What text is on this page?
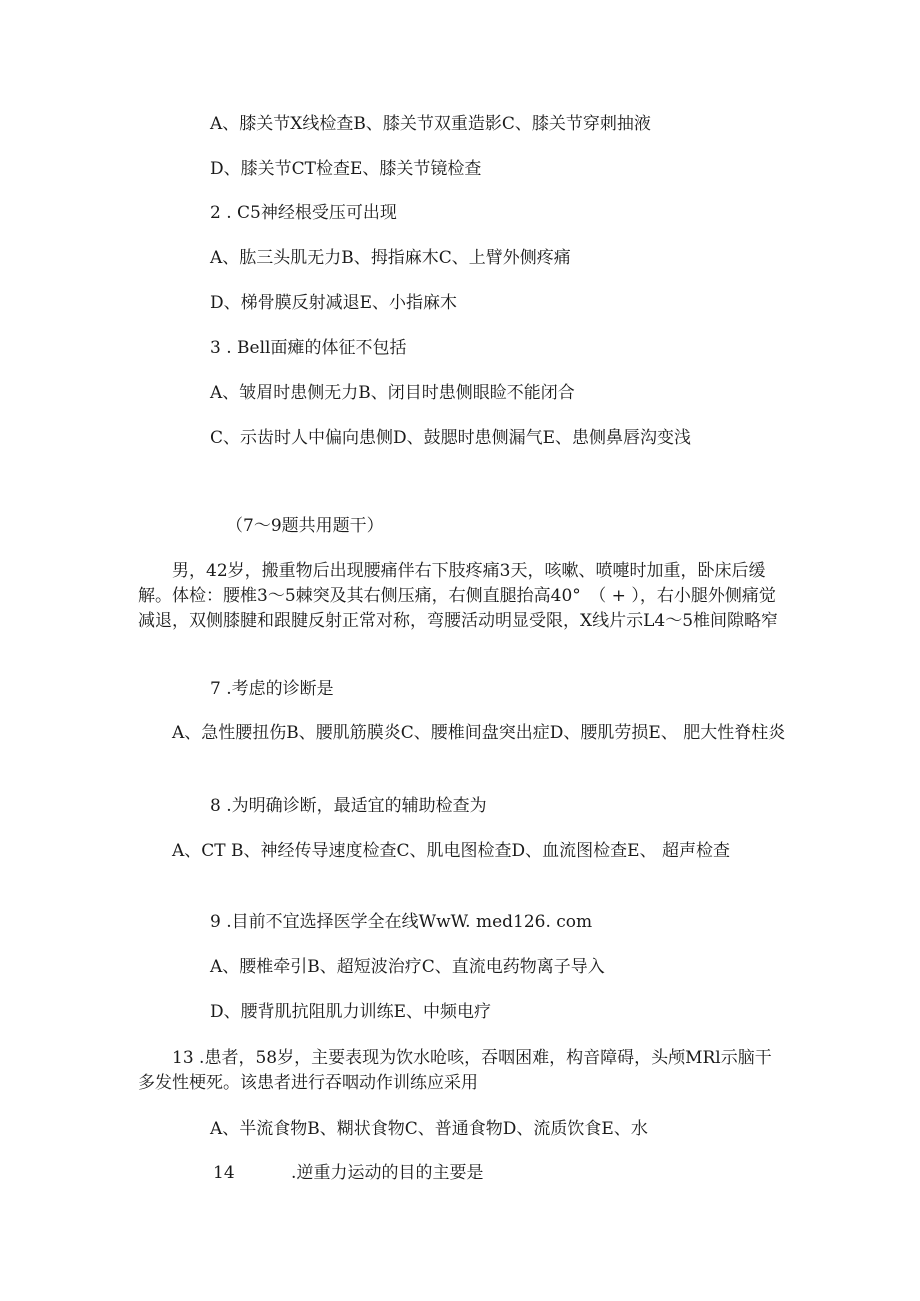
A、膝关节X线检查B、膝关节双重造影C、膝关节穿刺抽液
D、膝关节CT检查E、膝关节镜检查
2 . C5神经根受压可出现
A、肱三头肌无力B、拇指麻木C、上臂外侧疼痛
D、梯骨膜反射减退E、小指麻木
3 . Bell面瘫的体征不包括
A、皱眉时患侧无力B、闭目时患侧眼睑不能闭合
C、示齿时人中偏向患侧D、鼓腮时患侧漏气E、患侧鼻唇沟变浅
（7～9题共用题干）
男，42岁，搬重物后出现腰痛伴右下肢疼痛3天，咳嗽、喷嚏时加重，卧床后缓解。体检：腰椎3～5棘突及其右侧压痛，右侧直腿抬高40°　（ + ），右小腿外侧痛觉减退，双侧膝腱和跟腱反射正常对称，弯腰活动明显受限，X线片示L4～5椎间隙略窄
7 .考虑的诊断是
A、急性腰扭伤B、腰肌筋膜炎C、腰椎间盘突出症D、腰肌劳损E、 肥大性脊柱炎
8 .为明确诊断，最适宜的辅助检查为
A、CT B、神经传导速度检查C、肌电图检查D、血流图检查E、 超声检查
9 .目前不宜选择医学全在线WwW. med126. com
A、腰椎牵引B、超短波治疗C、直流电药物离子导入
D、腰背肌抗阻肌力训练E、中频电疗
13 .患者，58岁，主要表现为饮水呛咳，吞咽困难，构音障碍，头颅MRl示脑干多发性梗死。该患者进行吞咽动作训练应采用
A、半流食物B、糊状食物C、普通食物D、流质饮食E、水
14 　　　.逆重力运动的目的主要是
